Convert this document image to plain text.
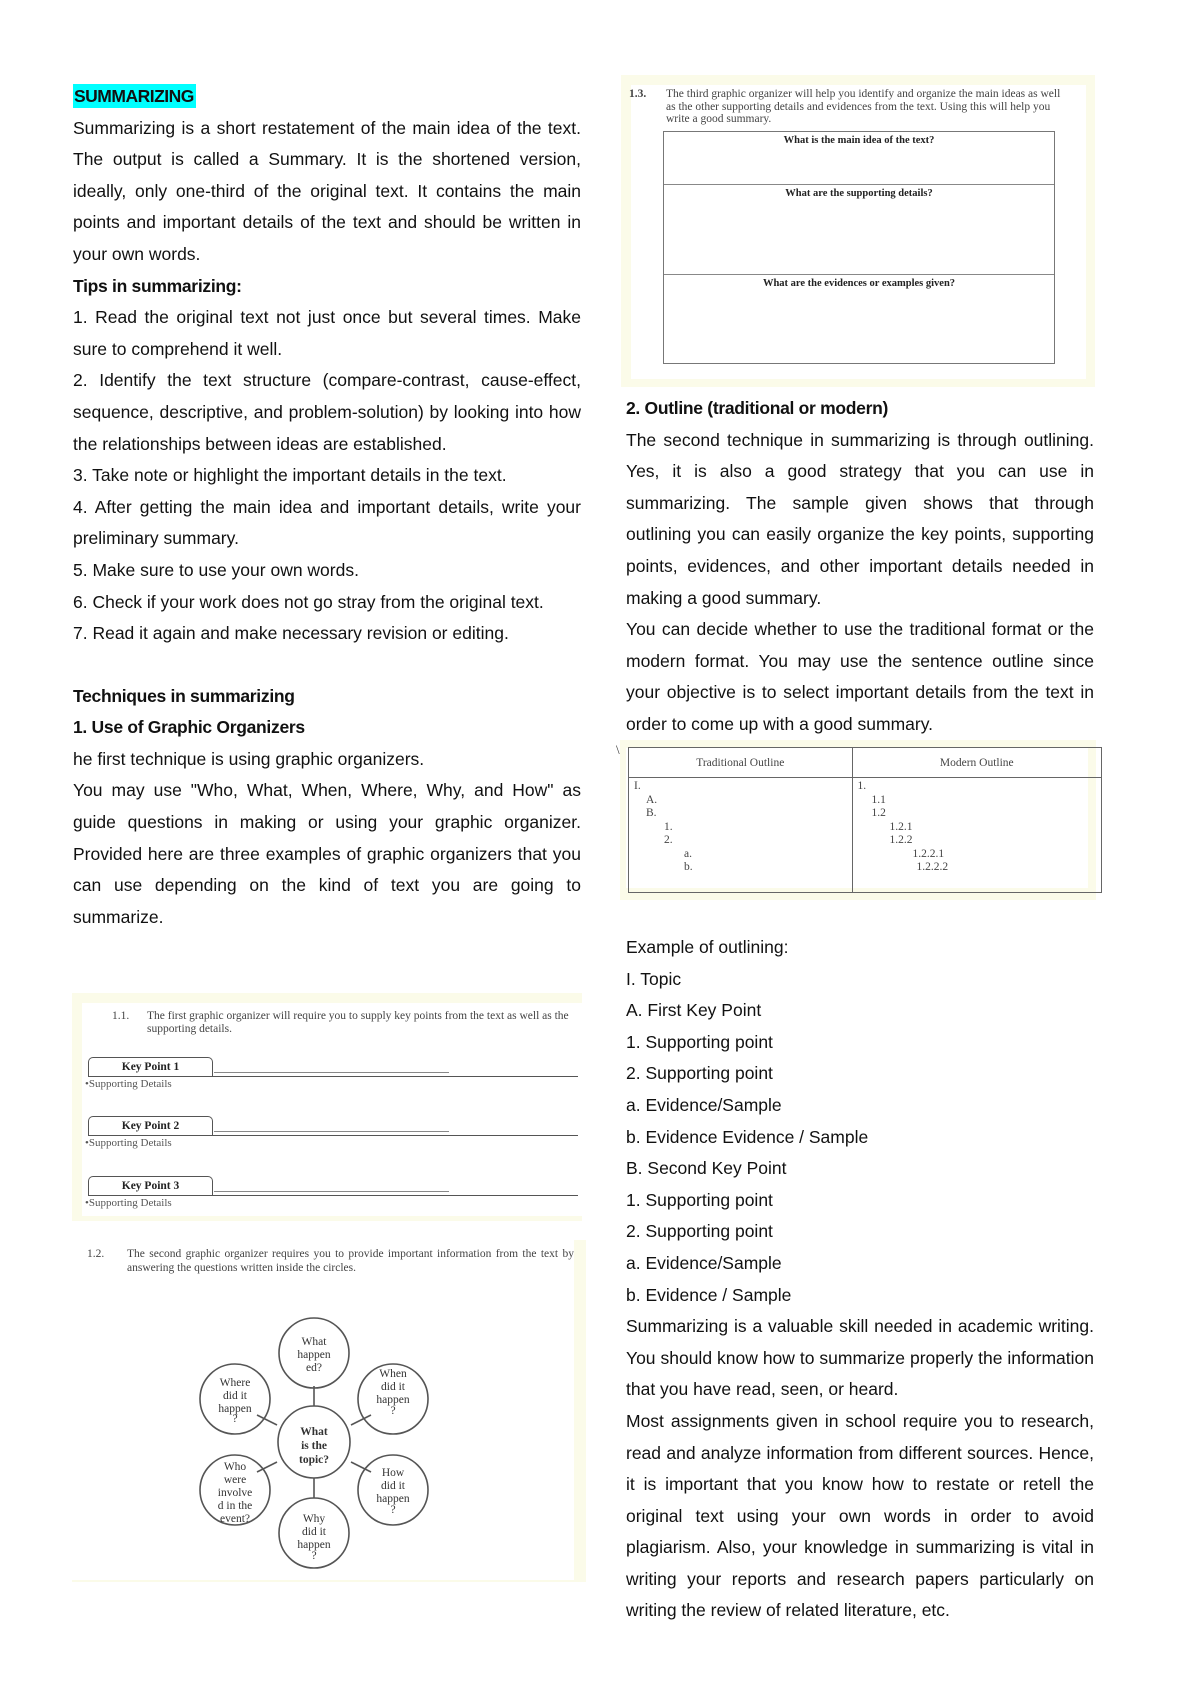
SUMMARIZING

Summarizing is a short restatement of the main idea of the text. The output is called a Summary. It is the shortened version, ideally, only one-third of the original text. It contains the main points and important details of the text and should be written in your own words.

Tips in summarizing:

1. Read the original text not just once but several times. Make sure to comprehend it well.

2. Identify the text structure (compare-contrast, cause-effect, sequence, descriptive, and problem-solution) by looking into how the relationships between ideas are established.

3. Take note or highlight the important details in the text.

4. After getting the main idea and important details, write your preliminary summary.

5. Make sure to use your own words.

6. Check if your work does not go stray from the original text.

7. Read it again and make necessary revision or editing.

Techniques in summarizing

1. Use of Graphic Organizers

he first technique is using graphic organizers.

You may use "Who, What, When, Where, Why, and How" as guide questions in making or using your graphic organizer. Provided here are three examples of graphic organizers that you can use depending on the kind of text you are going to summarize.

1.1. The first graphic organizer will require you to supply key points from the text as well as the supporting details.
Key Point 1
•Supporting Details
Key Point 2
•Supporting Details
Key Point 3
•Supporting Details
1.2. The second graphic organizer requires you to provide important information from the text by answering the questions written inside the circles.
What
is the
topic?
What
happen
ed?	When
did it
happen
?
How
did it
happen
?
Why
did it
happen
?
Who
were
involve
d in the
event?
Where
did it
happen
?
1.3. The third graphic organizer will help you identify and organize the main ideas as well as the other supporting details and evidences from the text. Using this will help you write a good summary.
What is the main idea of the text?
What are the supporting details?
What are the evidences or examples given?

2. Outline (traditional or modern)

The second technique in summarizing is through outlining. Yes, it is also a good strategy that you can use in summarizing. The sample given shows that through outlining you can easily organize the key points, supporting points, evidences, and other important details needed in making a good summary.

You can decide whether to use the traditional format or the modern format. You may use the sentence outline since your objective is to select important details from the text in order to come up with a good summary.

\
Traditional Outline	Modern Outline

I.
A.
B.
1.
2.
a.
b.

1.
1.1
1.2
1.2.1
1.2.2
1.2.2.1
1.2.2.2

Example of outlining:

I. Topic

A. First Key Point

1. Supporting point

2. Supporting point

a. Evidence/Sample

b. Evidence Evidence / Sample

B. Second Key Point

1. Supporting point

2. Supporting point

a. Evidence/Sample

b. Evidence / Sample

Summarizing is a valuable skill needed in academic writing. You should know how to summarize properly the information that you have read, seen, or heard.

Most assignments given in school require you to research, read and analyze information from different sources. Hence, it is important that you know how to restate or retell the original text using your own words in order to avoid plagiarism. Also, your knowledge in summarizing is vital in writing your reports and research papers particularly on writing the review of related literature, etc.
